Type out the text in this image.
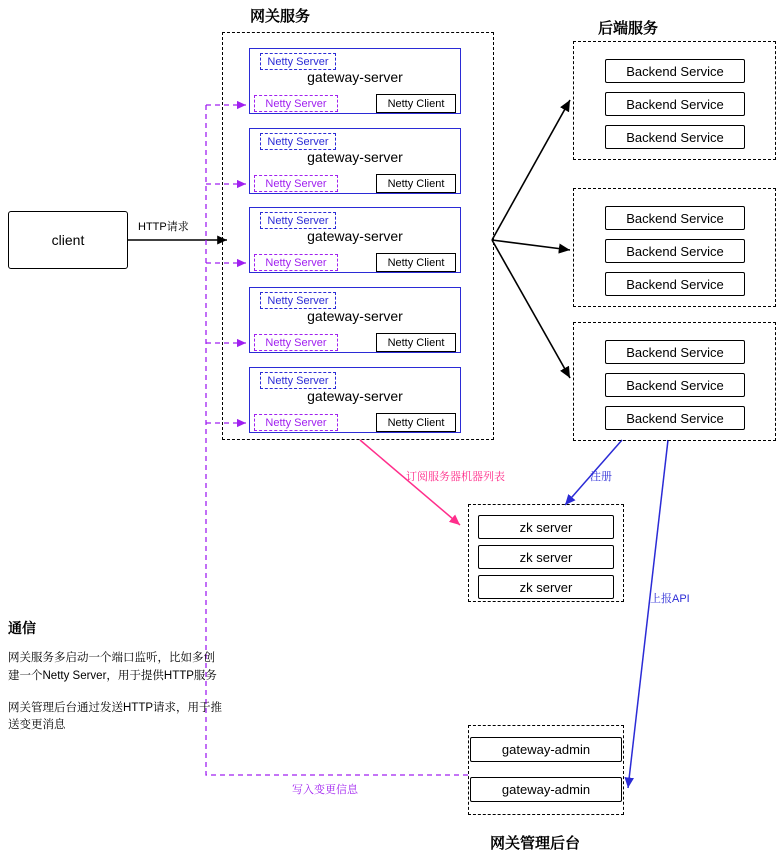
网关服务
后端服务
网关管理后台
client
HTTP请求
Netty Server
gateway-server
Netty Server	Netty Client
Netty Server
gateway-server
Netty Server	Netty Client
Netty Server
gateway-server
Netty Server	Netty Client
Netty Server
gateway-server
Netty Server	Netty Client
Netty Server
gateway-server
Netty Server	Netty Client
Backend Service
Backend Service
Backend Service
Backend Service
Backend Service
Backend Service
Backend Service
Backend Service
Backend Service
zk server
zk server
zk server
gateway-admin
gateway-admin
订阅服务器机器列表	注册
上报API
写入变更信息
通信

网关服务多启动一个端口监听，比如多创建一个Netty Server，用于提供HTTP服务

网关管理后台通过发送HTTP请求，用于推送变更消息
